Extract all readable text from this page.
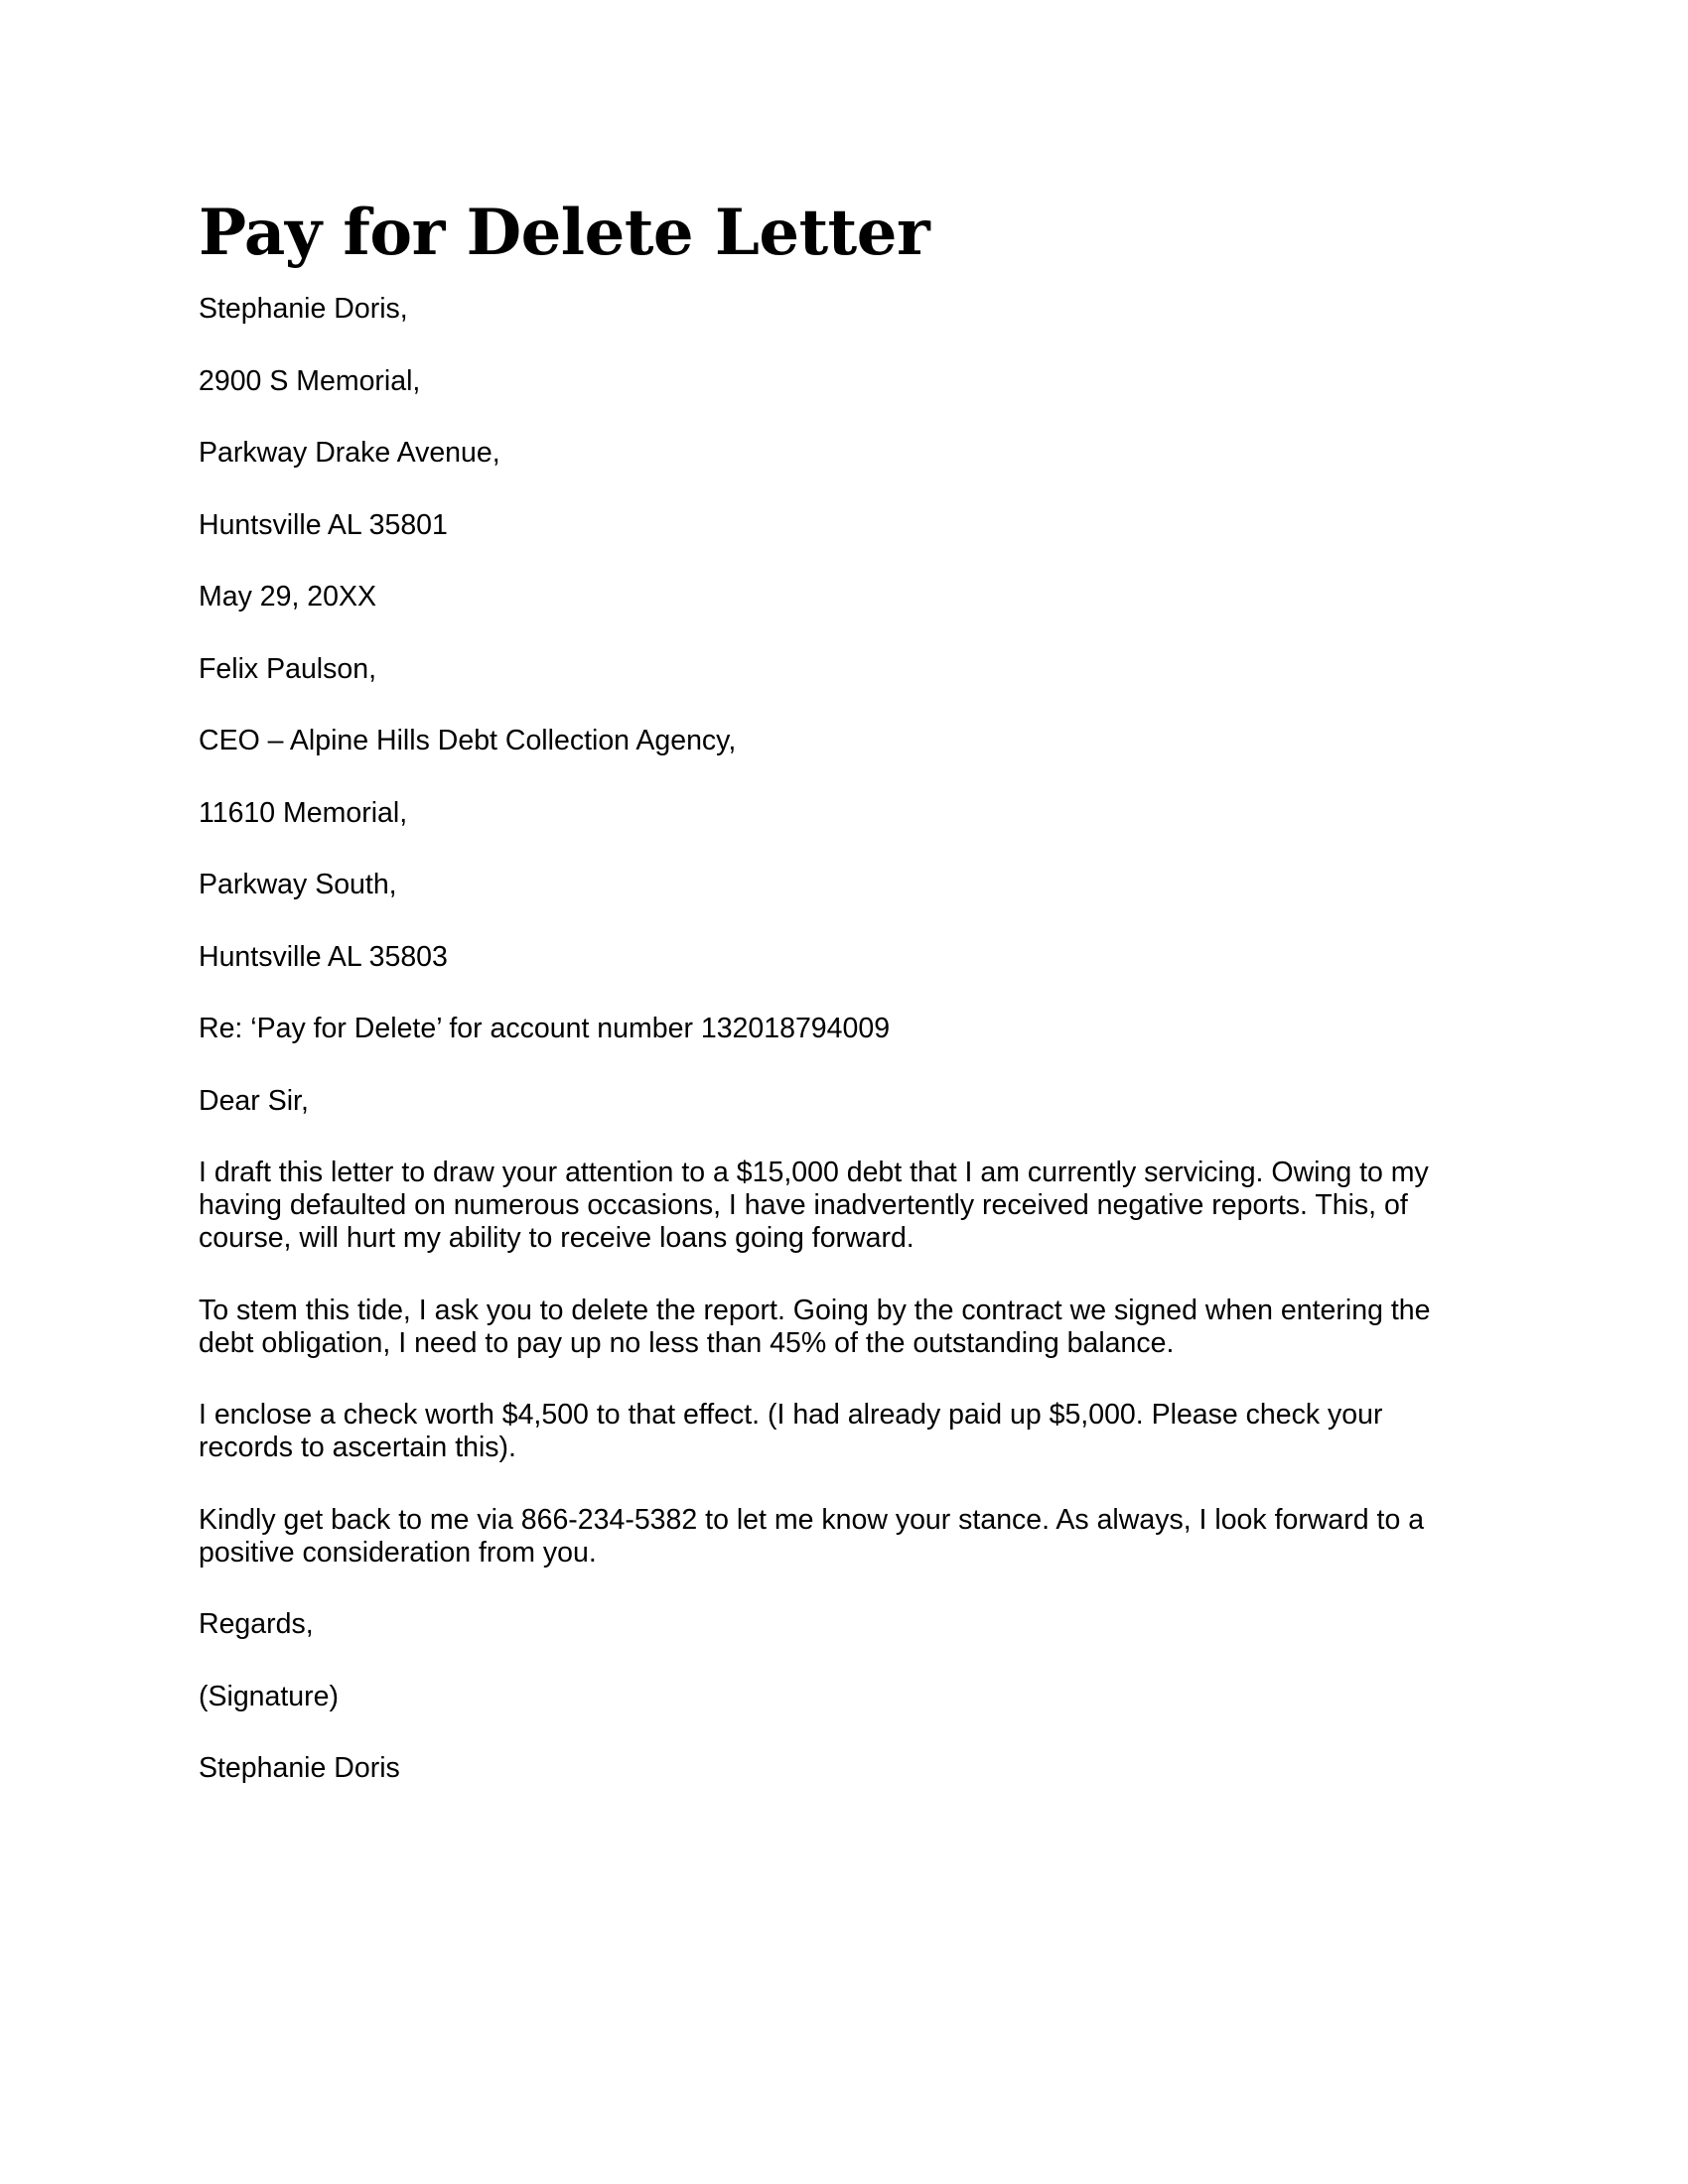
Pay for Delete Letter
Stephanie Doris,
2900 S Memorial,
Parkway Drake Avenue,
Huntsville AL 35801
May 29, 20XX
Felix Paulson,
CEO – Alpine Hills Debt Collection Agency,
11610 Memorial,
Parkway South,
Huntsville AL 35803
Re: ‘Pay for Delete’ for account number 132018794009
Dear Sir,

I draft this letter to draw your attention to a $15,000 debt that I am currently servicing. Owing to my having defaulted on numerous occasions, I have inadvertently received negative reports. This, of course, will hurt my ability to receive loans going forward.

To stem this tide, I ask you to delete the report. Going by the contract we signed when entering the debt obligation, I need to pay up no less than 45% of the outstanding balance.

I enclose a check worth $4,500 to that effect. (I had already paid up $5,000. Please check your records to ascertain this).

Kindly get back to me via 866-234-5382 to let me know your stance. As always, I look forward to a positive consideration from you.

Regards,
(Signature)
Stephanie Doris
